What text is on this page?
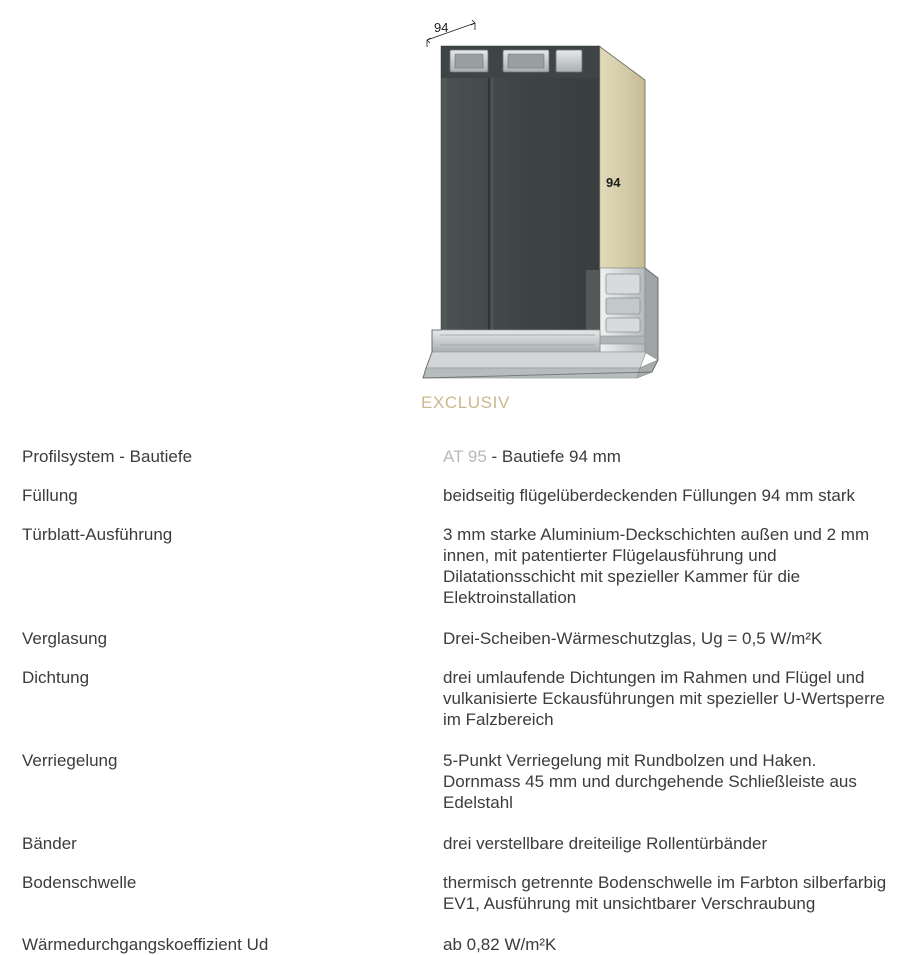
94
94
EXCLUSIV
Profilsystem - Bautiefe	AT 95 - Bautiefe 94 mm
Füllung	beidseitig flügelüberdeckenden Füllungen 94 mm stark
Türblatt-Ausführung	3 mm starke Aluminium-Deckschichten außen und 2 mm innen, mit patentierter Flügelausführung und Dilatationsschicht mit spezieller Kammer für die Elektroinstallation
Verglasung	Drei-Scheiben-Wärmeschutzglas, Ug = 0,5 W/m²K
Dichtung	drei umlaufende Dichtungen im Rahmen und Flügel und vulkanisierte Eckausführungen mit spezieller U-Wertsperre im Falzbereich
Verriegelung	5-Punkt Verriegelung mit Rundbolzen und Haken. Dornmass 45 mm und durchgehende Schließleiste aus Edelstahl
Bänder	drei verstellbare dreiteilige Rollentürbänder
Bodenschwelle	thermisch getrennte Bodenschwelle im Farbton silberfarbig EV1, Ausführung mit unsichtbarer Verschraubung
Wärmedurchgangskoeffizient Ud	ab 0,82 W/m²K
